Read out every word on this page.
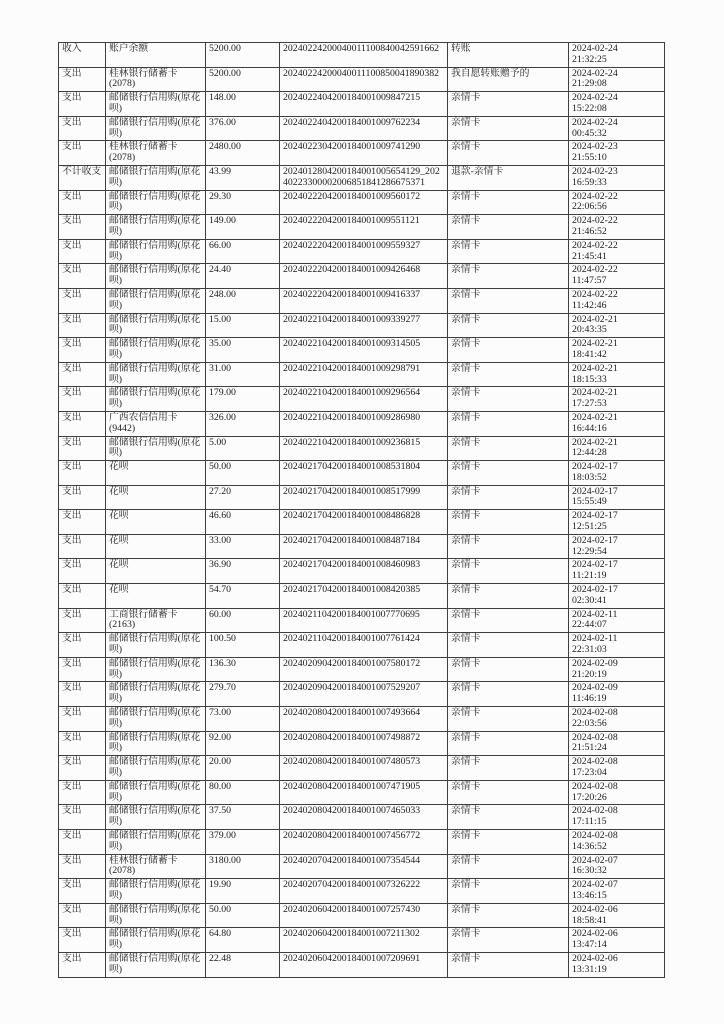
收入	账户余额	5200.00	20240224200040011100840042591662	转账	2024-02-24
21:32:25

支出	桂林银行储蓄卡(2078)	5200.00	20240224200040011100850041890382	我自愿转账赠予的	2024-02-24
21:29:08

支出	邮储银行信用购(原花呗)	148.00	2024022404200184001009847215	亲情卡	2024-02-24
15:22:08

支出	邮储银行信用购(原花呗)	376.00	2024022404200184001009762234	亲情卡	2024-02-24
00:45:32

支出	桂林银行储蓄卡(2078)	2480.00	2024022304200184001009741290	亲情卡	2024-02-23
21:55:10

不计收支	邮储银行信用购(原花呗)	43.99	2024012804200184001005654129_20240223300002006851841286675371	退款-亲情卡	2024-02-23
16:59:33

支出	邮储银行信用购(原花呗)	29.30	2024022204200184001009560172	亲情卡	2024-02-22
22:06:56

支出	邮储银行信用购(原花呗)	149.00	2024022204200184001009551121	亲情卡	2024-02-22
21:46:52

支出	邮储银行信用购(原花呗)	66.00	2024022204200184001009559327	亲情卡	2024-02-22
21:45:41

支出	邮储银行信用购(原花呗)	24.40	2024022204200184001009426468	亲情卡	2024-02-22
11:47:57

支出	邮储银行信用购(原花呗)	248.00	2024022204200184001009416337	亲情卡	2024-02-22
11:42:46

支出	邮储银行信用购(原花呗)	15.00	2024022104200184001009339277	亲情卡	2024-02-21
20:43:35

支出	邮储银行信用购(原花呗)	35.00	2024022104200184001009314505	亲情卡	2024-02-21
18:41:42

支出	邮储银行信用购(原花呗)	31.00	2024022104200184001009298791	亲情卡	2024-02-21
18:15:33

支出	邮储银行信用购(原花呗)	179.00	2024022104200184001009296564	亲情卡	2024-02-21
17:27:53

支出	广西农信信用卡(9442)	326.00	2024022104200184001009286980	亲情卡	2024-02-21
16:44:16

支出	邮储银行信用购(原花呗)	5.00	2024022104200184001009236815	亲情卡	2024-02-21
12:44:28

支出	花呗	50.00	2024021704200184001008531804	亲情卡	2024-02-17
18:03:52

支出	花呗	27.20	2024021704200184001008517999	亲情卡	2024-02-17
15:55:49

支出	花呗	46.60	2024021704200184001008486828	亲情卡	2024-02-17
12:51:25

支出	花呗	33.00	2024021704200184001008487184	亲情卡	2024-02-17
12:29:54

支出	花呗	36.90	2024021704200184001008460983	亲情卡	2024-02-17
11:21:19

支出	花呗	54.70	2024021704200184001008420385	亲情卡	2024-02-17
02:30:41

支出	工商银行储蓄卡(2163)	60.00	2024021104200184001007770695	亲情卡	2024-02-11
22:44:07

支出	邮储银行信用购(原花呗)	100.50	2024021104200184001007761424	亲情卡	2024-02-11
22:31:03

支出	邮储银行信用购(原花呗)	136.30	2024020904200184001007580172	亲情卡	2024-02-09
21:20:19

支出	邮储银行信用购(原花呗)	279.70	2024020904200184001007529207	亲情卡	2024-02-09
11:46:19

支出	邮储银行信用购(原花呗)	73.00	2024020804200184001007493664	亲情卡	2024-02-08
22:03:56

支出	邮储银行信用购(原花呗)	92.00	2024020804200184001007498872	亲情卡	2024-02-08
21:51:24

支出	邮储银行信用购(原花呗)	20.00	2024020804200184001007480573	亲情卡	2024-02-08
17:23:04

支出	邮储银行信用购(原花呗)	80.00	2024020804200184001007471905	亲情卡	2024-02-08
17:20:26

支出	邮储银行信用购(原花呗)	37.50	2024020804200184001007465033	亲情卡	2024-02-08
17:11:15

支出	邮储银行信用购(原花呗)	379.00	2024020804200184001007456772	亲情卡	2024-02-08
14:36:52

支出	桂林银行储蓄卡(2078)	3180.00	2024020704200184001007354544	亲情卡	2024-02-07
16:30:32

支出	邮储银行信用购(原花呗)	19.90	2024020704200184001007326222	亲情卡	2024-02-07
13:46:15

支出	邮储银行信用购(原花呗)	50.00	2024020604200184001007257430	亲情卡	2024-02-06
18:58:41

支出	邮储银行信用购(原花呗)	64.80	2024020604200184001007211302	亲情卡	2024-02-06
13:47:14

支出	邮储银行信用购(原花呗)	22.48	2024020604200184001007209691	亲情卡	2024-02-06
13:31:19
